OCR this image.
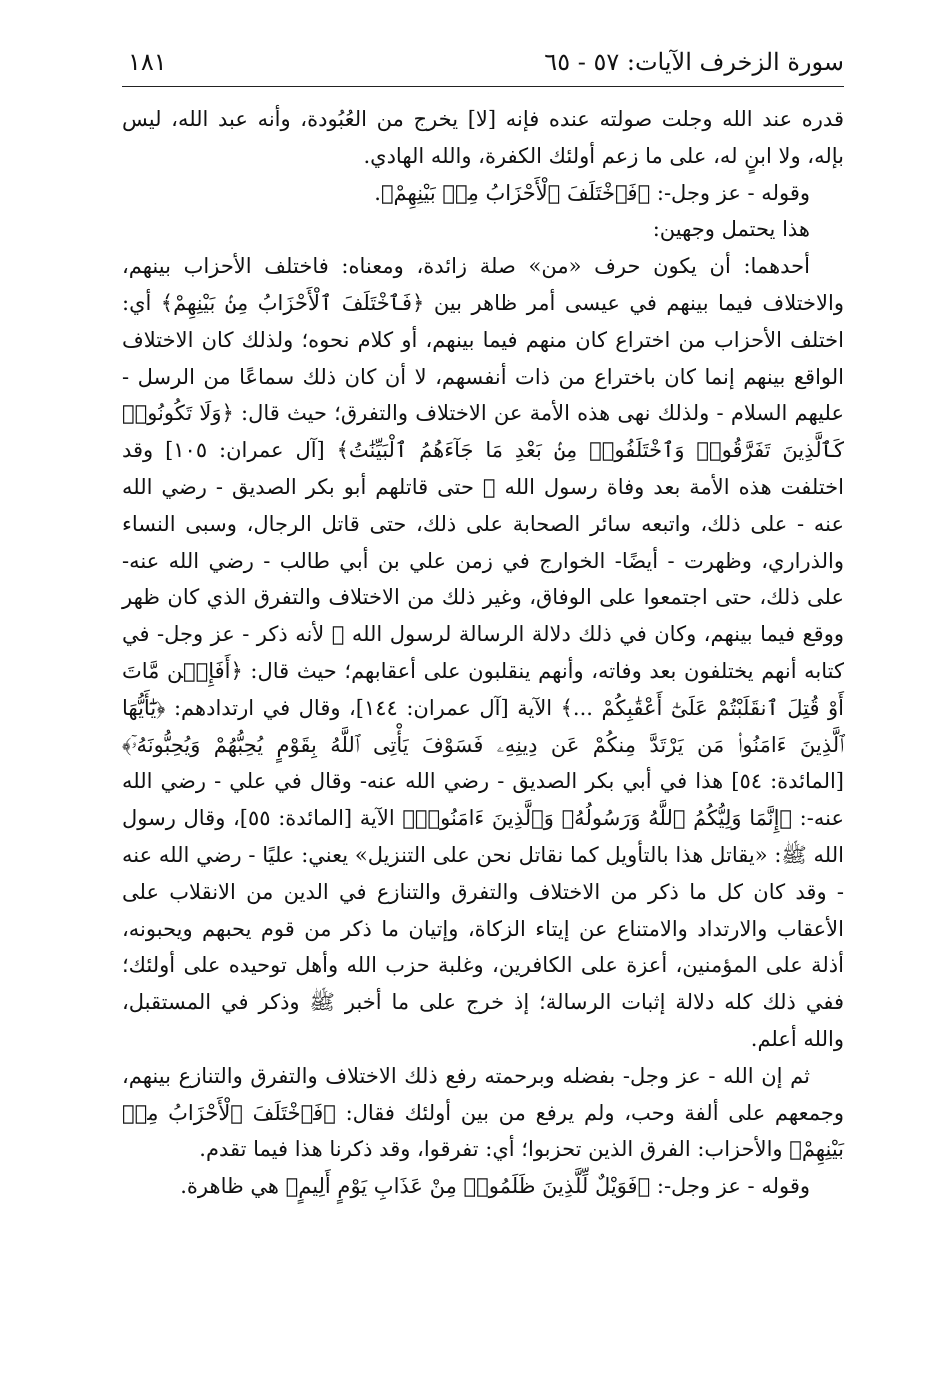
سورة الزخرف الآيات: ٥٧ - ٦٥
١٨١

قدره عند الله وجلت صولته عنده فإنه [لا] يخرج من العُبُودة، وأنه عبد الله، ليس بإله، ولا ابنٍ له، على ما زعم أولئك الكفرة، والله الهادي.

وقوله - عز وجل-: ﴿فَٱخْتَلَفَ ٱلْأَحْزَابُ مِنۢ بَيْنِهِمْ﴾.

هذا يحتمل وجهين:

أحدهما: أن يكون حرف «من» صلة زائدة، ومعناه: فاختلف الأحزاب بينهم، والاختلاف فيما بينهم في عيسى أمر ظاهر بين ﴿فَٱخْتَلَفَ ٱلْأَحْزَابُ مِنۢ بَيْنِهِمْ﴾ أي: اختلف الأحزاب من اختراع كان منهم فيما بينهم، أو كلام نحوه؛ ولذلك كان الاختلاف الواقع بينهم إنما كان باختراع من ذات أنفسهم، لا أن كان ذلك سماعًا من الرسل - عليهم السلام - ولذلك نهى هذه الأمة عن الاختلاف والتفرق؛ حيث قال: ﴿وَلَا تَكُونُوا۟ كَٱلَّذِينَ تَفَرَّقُوا۟ وَٱخْتَلَفُوا۟ مِنۢ بَعْدِ مَا جَآءَهُمُ ٱلْبَيِّنَٰتُ﴾ [آل عمران: ١٠٥] وقد اختلفت هذه الأمة بعد وفاة رسول الله ﷺ حتى قاتلهم أبو بكر الصديق - رضي الله عنه - على ذلك، واتبعه سائر الصحابة على ذلك، حتى قاتل الرجال، وسبى النساء والذراري، وظهرت - أيضًا- الخوارج في زمن علي بن أبي طالب - رضي الله عنه- على ذلك، حتى اجتمعوا على الوفاق، وغير ذلك من الاختلاف والتفرق الذي كان ظهر ووقع فيما بينهم، وكان في ذلك دلالة الرسالة لرسول الله ﷺ لأنه ذكر - عز وجل- في كتابه أنهم يختلفون بعد وفاته، وأنهم ينقلبون على أعقابهم؛ حيث قال: ﴿أَفَإِي۟ن مَّاتَ أَوْ قُتِلَ ٱنقَلَبْتُمْ عَلَىٰٓ أَعْقَٰبِكُمْ ...﴾ الآية [آل عمران: ١٤٤]، وقال في ارتدادهم: ﴿يَٰٓأَيُّهَا ٱلَّذِينَ ءَامَنُوا۟ مَن يَرْتَدَّ مِنكُمْ عَن دِينِهِۦ فَسَوْفَ يَأْتِى ٱللَّهُ بِقَوْمٍ يُحِبُّهُمْ وَيُحِبُّونَهُۥٓ﴾ [المائدة: ٥٤] هذا في أبي بكر الصديق - رضي الله عنه- وقال في علي - رضي الله عنه-: ﴿إِنَّمَا وَلِيُّكُمُ ٱللَّهُ وَرَسُولُهُۥ وَٱلَّذِينَ ءَامَنُوا۟﴾ الآية [المائدة: ٥٥]، وقال رسول الله ﷺ: «يقاتل هذا بالتأويل كما نقاتل نحن على التنزيل» يعني: عليًا - رضي الله عنه - وقد كان كل ما ذكر من الاختلاف والتفرق والتنازع في الدين من الانقلاب على الأعقاب والارتداد والامتناع عن إيتاء الزكاة، وإتيان ما ذكر من قوم يحبهم ويحبونه، أذلة على المؤمنين، أعزة على الكافرين، وغلبة حزب الله وأهل توحيده على أولئك؛ ففي ذلك كله دلالة إثبات الرسالة؛ إذ خرج على ما أخبر ﷺ وذكر في المستقبل، والله أعلم.

ثم إن الله - عز وجل- بفضله وبرحمته رفع ذلك الاختلاف والتفرق والتنازع بينهم، وجمعهم على ألفة وحب، ولم يرفع من بين أولئك فقال: ﴿فَٱخْتَلَفَ ٱلْأَحْزَابُ مِنۢ بَيْنِهِمْ﴾ والأحزاب: الفرق الذين تحزبوا؛ أي: تفرقوا، وقد ذكرنا هذا فيما تقدم.

وقوله - عز وجل-: ﴿فَوَيْلٌ لِّلَّذِينَ ظَلَمُوا۟ مِنْ عَذَابِ يَوْمٍ أَلِيمٍ﴾ هي ظاهرة.
